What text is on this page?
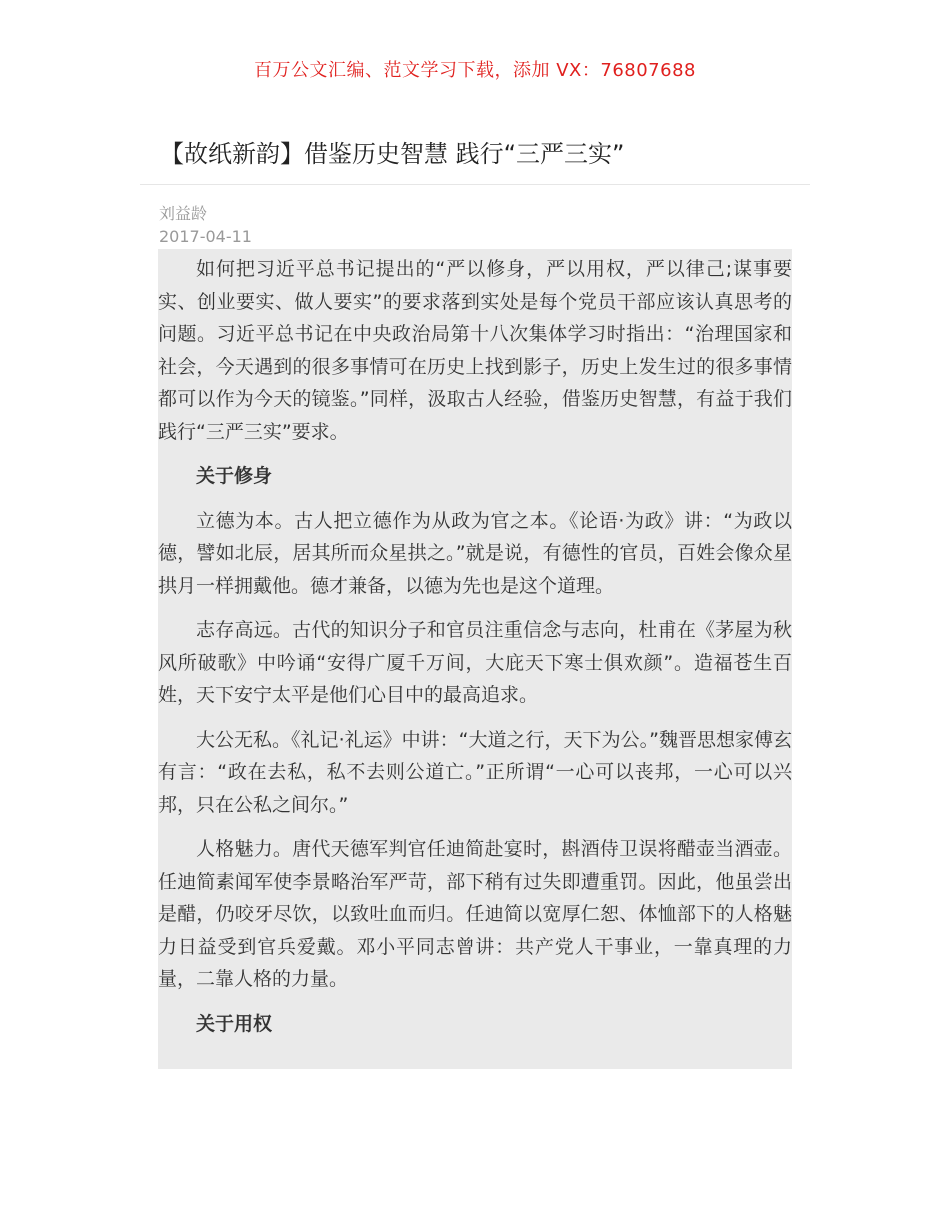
百万公文汇编、范文学习下载，添加 VX：76807688
【故纸新韵】借鉴历史智慧 践行“三严三实”
刘益龄
2017-04-11

如何把习近平总书记提出的“严以修身，严以用权，严以律己;谋事要实、创业要实、做人要实”的要求落到实处是每个党员干部应该认真思考的问题。习近平总书记在中央政治局第十八次集体学习时指出：“治理国家和社会，今天遇到的很多事情可在历史上找到影子，历史上发生过的很多事情都可以作为今天的镜鉴。”同样，汲取古人经验，借鉴历史智慧，有益于我们践行“三严三实”要求。

关于修身

立德为本。古人把立德作为从政为官之本。《论语·为政》讲：“为政以德，譬如北辰，居其所而众星拱之。”就是说，有德性的官员，百姓会像众星拱月一样拥戴他。德才兼备，以德为先也是这个道理。

志存高远。古代的知识分子和官员注重信念与志向，杜甫在《茅屋为秋风所破歌》中吟诵“安得广厦千万间，大庇天下寒士俱欢颜”。造福苍生百姓，天下安宁太平是他们心目中的最高追求。

大公无私。《礼记·礼运》中讲：“大道之行，天下为公。”魏晋思想家傅玄有言：“政在去私，私不去则公道亡。”正所谓“一心可以丧邦，一心可以兴邦，只在公私之间尔。”

人格魅力。唐代天德军判官任迪简赴宴时，斟酒侍卫误将醋壶当酒壶。任迪简素闻军使李景略治军严苛，部下稍有过失即遭重罚。因此，他虽尝出是醋，仍咬牙尽饮，以致吐血而归。任迪简以宽厚仁恕、体恤部下的人格魅力日益受到官兵爱戴。邓小平同志曾讲：共产党人干事业，一靠真理的力量，二靠人格的力量。

关于用权
